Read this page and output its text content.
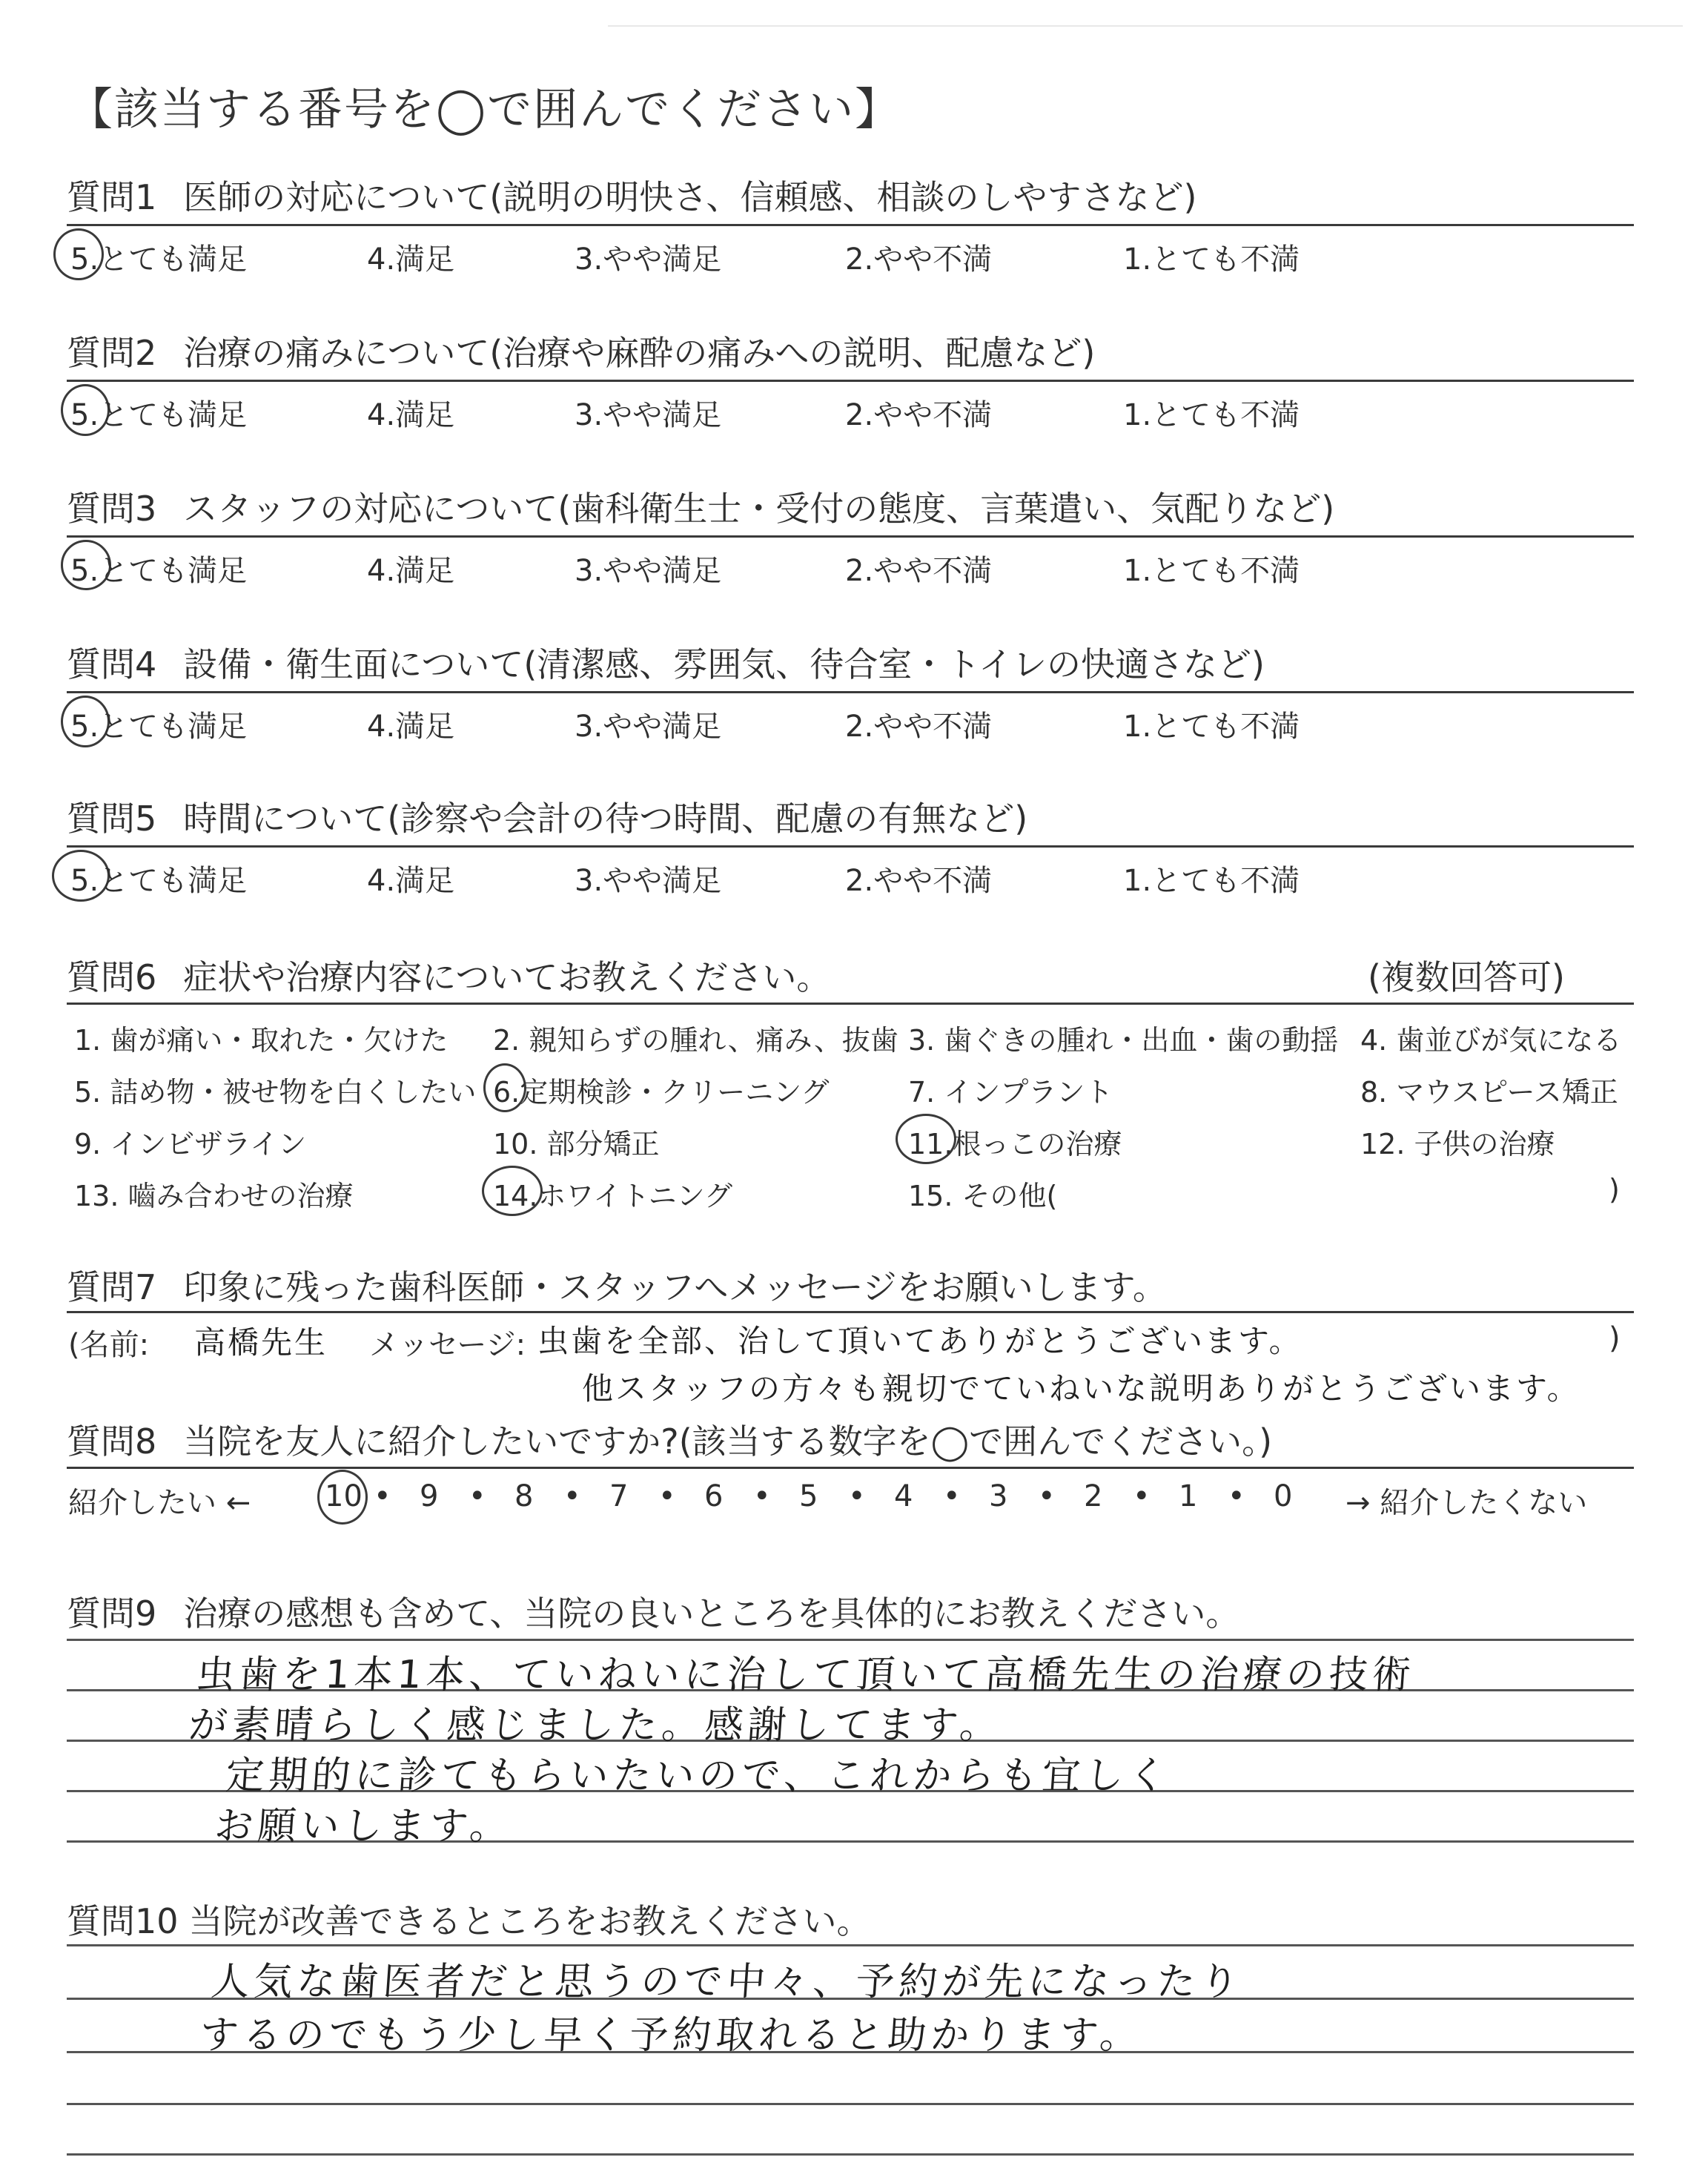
【該当する番号を◯で囲んでください】
質問1 医師の対応について(説明の明快さ、信頼感、相談のしやすさなど)
5.とても満足	4.満足	3.やや満足	2.やや不満	1.とても不満
質問2 治療の痛みについて(治療や麻酔の痛みへの説明、配慮など)
5.とても満足	4.満足	3.やや満足	2.やや不満	1.とても不満
質問3 スタッフの対応について(歯科衛生士・受付の態度、言葉遣い、気配りなど)
5.とても満足	4.満足	3.やや満足	2.やや不満	1.とても不満
質問4 設備・衛生面について(清潔感、雰囲気、待合室・トイレの快適さなど)
5.とても満足	4.満足	3.やや満足	2.やや不満	1.とても不満
質問5 時間について(診察や会計の待つ時間、配慮の有無など)
5.とても満足	4.満足	3.やや満足	2.やや不満	1.とても不満
質問6 症状や治療内容についてお教えください。	(複数回答可)
1. 歯が痛い・取れた・欠けた 2. 親知らずの腫れ、痛み、抜歯 3. 歯ぐきの腫れ・出血・歯の動揺 4. 歯並びが気になる
5. 詰め物・被せ物を白くしたい 6.定期検診・クリーニング	7. インプラント	8. マウスピース矯正
9. インビザライン	10. 部分矯正	11.根っこの治療	12. 子供の治療
13. 嚙み合わせの治療	14.ホワイトニング	15. その他(	)
質問7 印象に残った歯科医師・スタッフへメッセージをお願いします。
(名前: 高橋先生 メッセージ: 虫歯を全部、治して頂いてありがとうございます。	)
他スタッフの方々も親切でていねいな説明ありがとうございます。
質問8 当院を友人に紹介したいですか?(該当する数字を◯で囲んでください。)
紹介したい ← 10 • 9 • 8 • 7 • 6 • 5 • 4 • 3 • 2 • 1 • 0 → 紹介したくない
質問9 治療の感想も含めて、当院の良いところを具体的にお教えください。
虫歯を1本1本、ていねいに治して頂いて高橋先生の治療の技術
が素晴らしく感じました。感謝してます。
定期的に診てもらいたいので、これからも宜しく
お願いします。
質問10 当院が改善できるところをお教えください。
人気な歯医者だと思うので中々、予約が先になったり
するのでもう少し早く予約取れると助かります。
